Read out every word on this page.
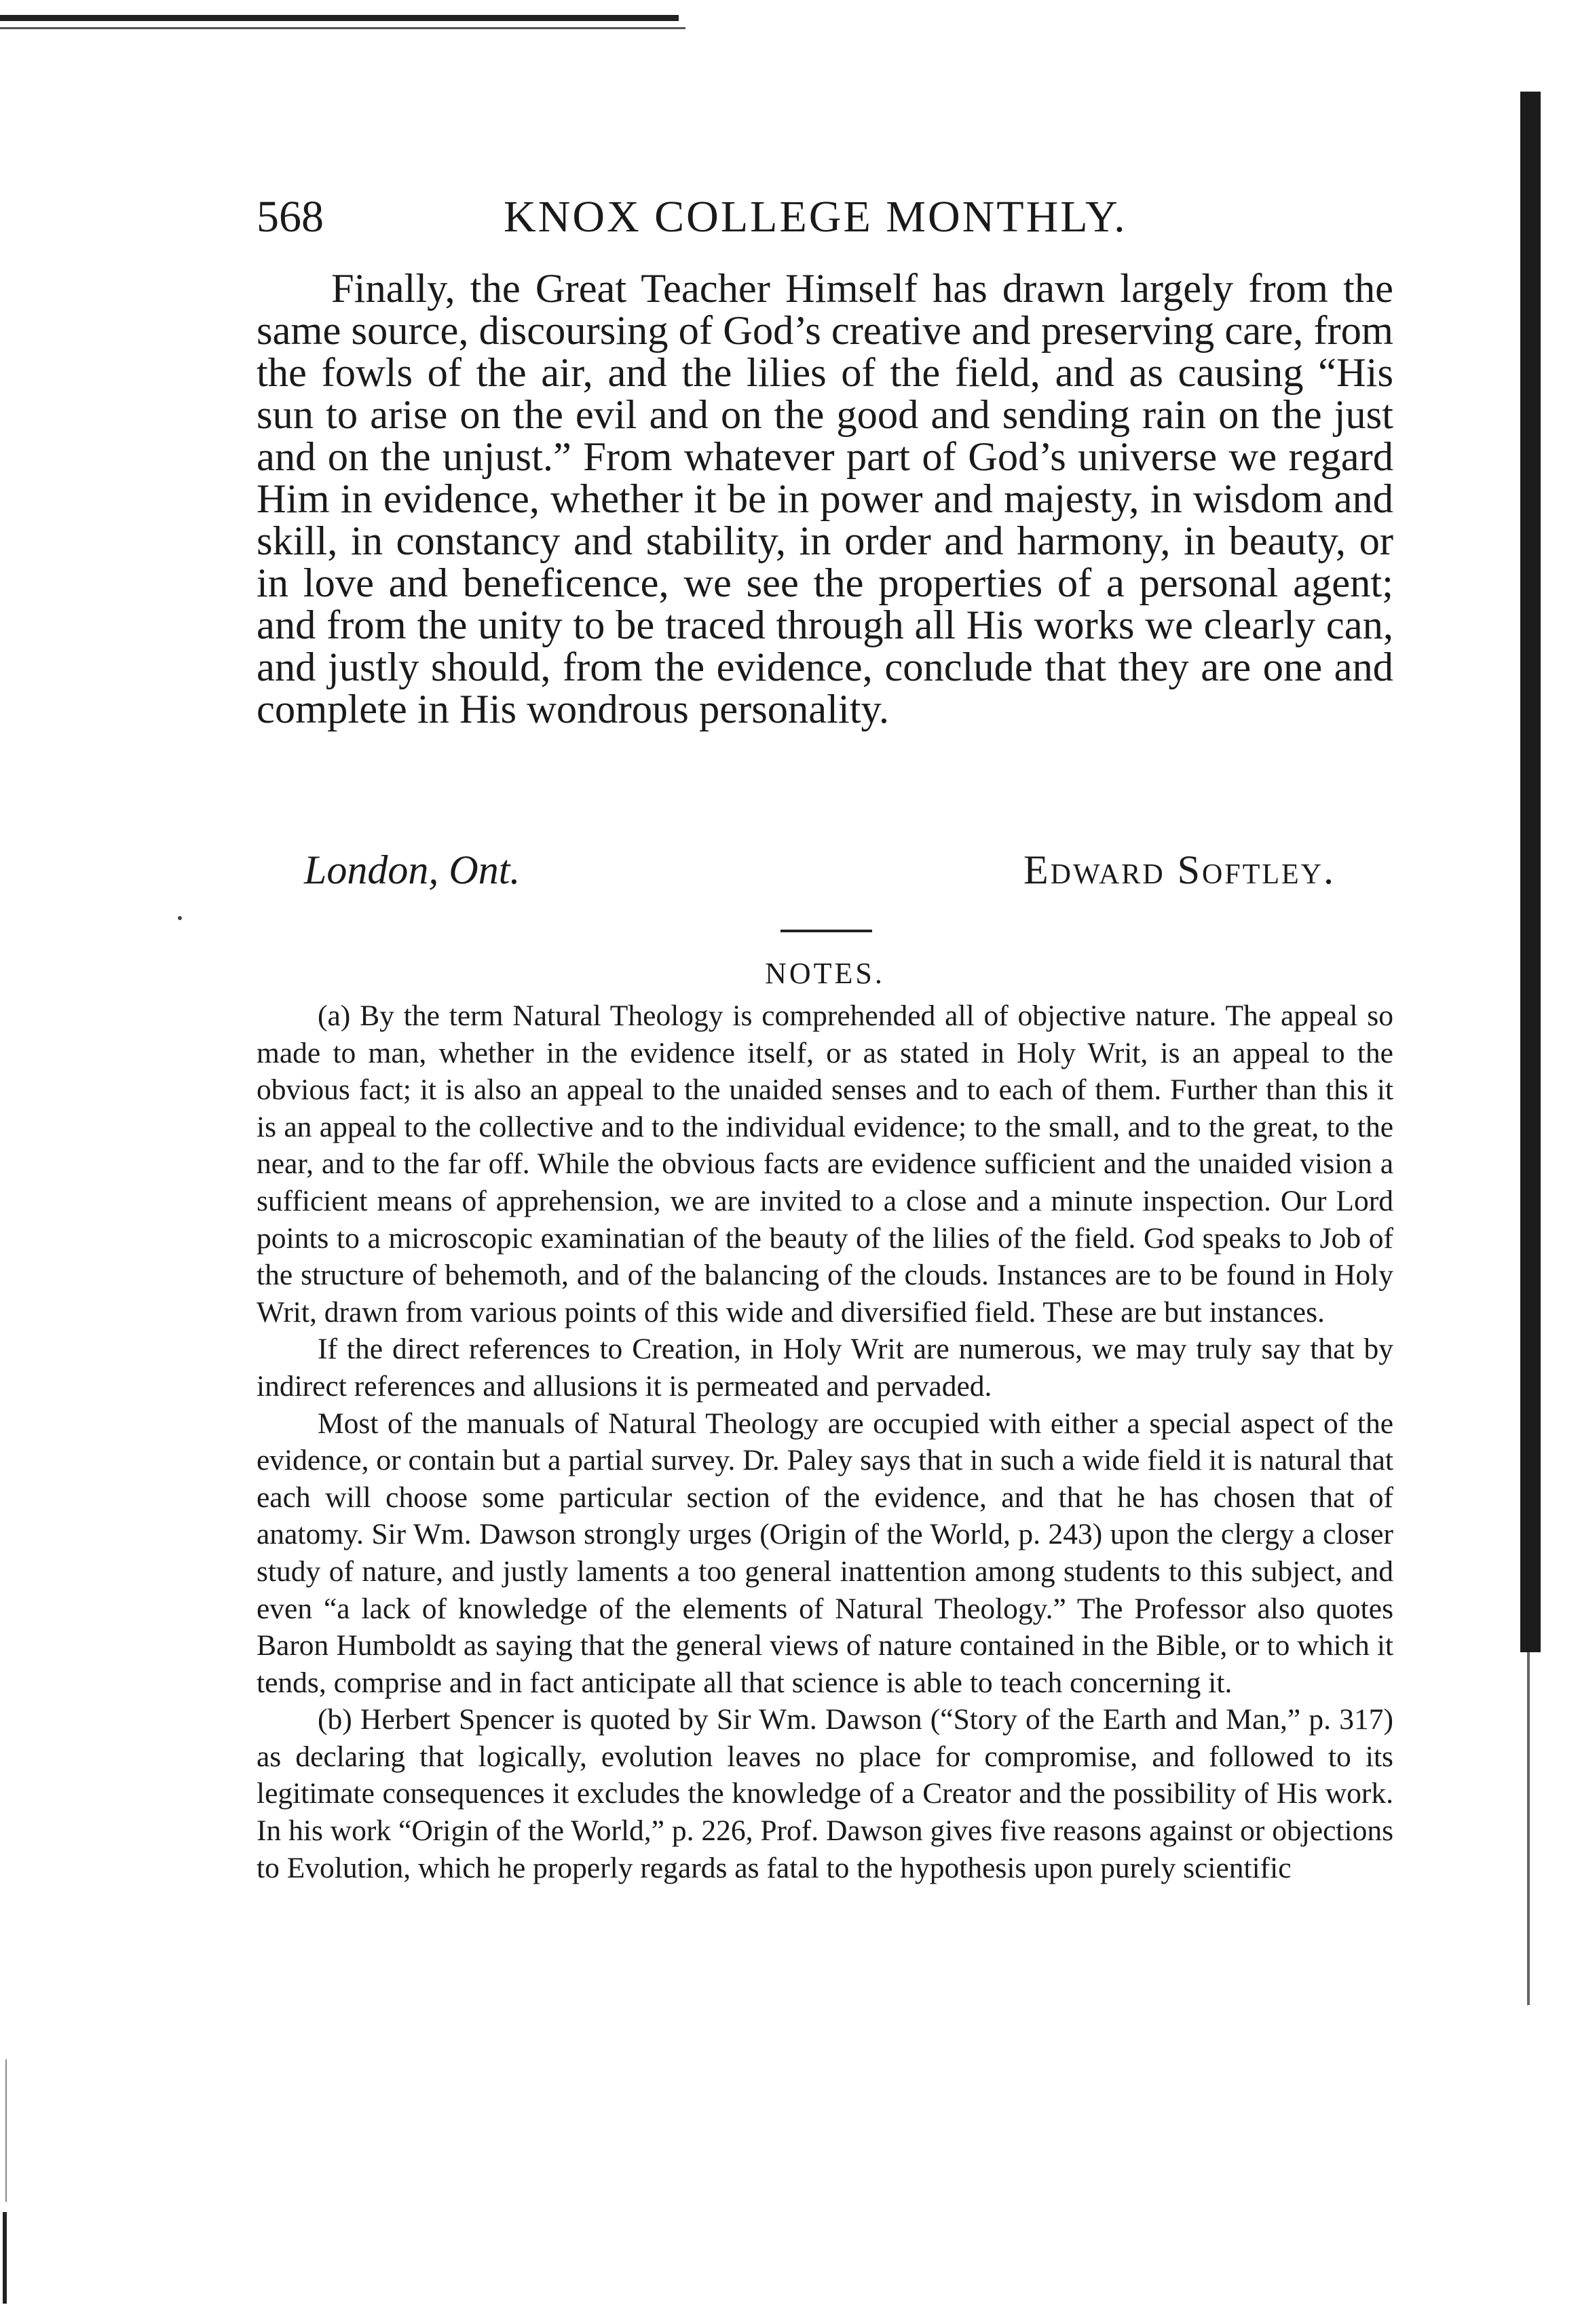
568	KNOX COLLEGE MONTHLY.

Finally, the Great Teacher Himself has drawn largely from the same source, discoursing of God’s creative and preserving care, from the fowls of the air, and the lilies of the field, and as causing “His sun to arise on the evil and on the good and sending rain on the just and on the unjust.” From whatever part of God’s universe we regard Him in evidence, whether it be in power and majesty, in wisdom and skill, in constancy and stability, in order and harmony, in beauty, or in love and beneficence, we see the properties of a personal agent; and from the unity to be traced through all His works we clearly can, and justly should, from the evidence, conclude that they are one and complete in His wondrous personality.

London, Ont.	Edward Softley.
NOTES.

(a) By the term Natural Theology is comprehended all of objective nature. The appeal so made to man, whether in the evidence itself, or as stated in Holy Writ, is an appeal to the obvious fact; it is also an appeal to the unaided senses and to each of them. Further than this it is an appeal to the collective and to the individual evidence; to the small, and to the great, to the near, and to the far off. While the obvious facts are evidence sufficient and the unaided vision a sufficient means of apprehension, we are invited to a close and a minute inspection. Our Lord points to a microscopic examinatian of the beauty of the lilies of the field. God speaks to Job of the structure of behemoth, and of the balancing of the clouds. Instances are to be found in Holy Writ, drawn from various points of this wide and diversified field. These are but instances.

If the direct references to Creation, in Holy Writ are numerous, we may truly say that by indirect references and allusions it is permeated and pervaded.

Most of the manuals of Natural Theology are occupied with either a special aspect of the evidence, or contain but a partial survey. Dr. Paley says that in such a wide field it is natural that each will choose some particular section of the evidence, and that he has chosen that of anatomy. Sir Wm. Dawson strongly urges (Origin of the World, p. 243) upon the clergy a closer study of nature, and justly laments a too general inattention among students to this subject, and even “a lack of knowledge of the elements of Natural Theology.” The Professor also quotes Baron Humboldt as saying that the general views of nature contained in the Bible, or to which it tends, comprise and in fact anticipate all that science is able to teach concerning it.

(b) Herbert Spencer is quoted by Sir Wm. Dawson (“Story of the Earth and Man,” p. 317) as declaring that logically, evolution leaves no place for compromise, and followed to its legitimate consequences it excludes the knowledge of a Creator and the possibility of His work. In his work “Origin of the World,” p. 226, Prof. Dawson gives five reasons against or objections to Evolution, which he properly regards as fatal to the hypothesis upon purely scientific
